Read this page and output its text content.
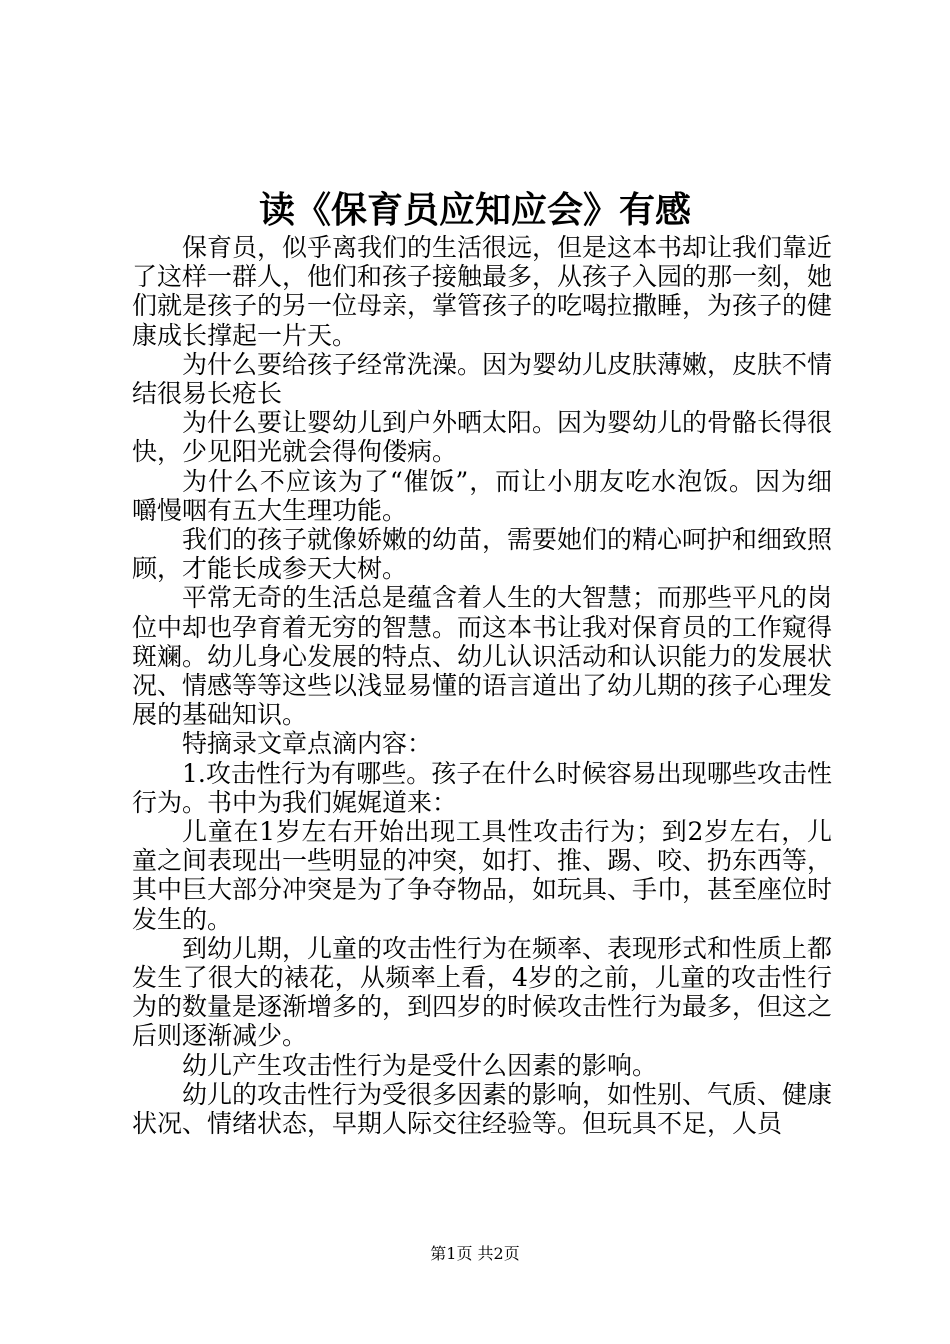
读《保育员应知应会》有感

保育员，似乎离我们的生活很远，但是这本书却让我们靠近了这样一群人，他们和孩子接触最多，从孩子入园的那一刻，她们就是孩子的另一位母亲，掌管孩子的吃喝拉撒睡，为孩子的健康成长撑起一片天。

为什么要给孩子经常洗澡。因为婴幼儿皮肤薄嫩，皮肤不情结很易长疮长

为什么要让婴幼儿到户外晒太阳。因为婴幼儿的骨骼长得很快，少见阳光就会得佝偻病。

为什么不应该为了“催饭”，而让小朋友吃水泡饭。因为细嚼慢咽有五大生理功能。

我们的孩子就像娇嫩的幼苗，需要她们的精心呵护和细致照顾，才能长成参天大树。

平常无奇的生活总是蕴含着人生的大智慧；而那些平凡的岗位中却也孕育着无穷的智慧。而这本书让我对保育员的工作窥得斑斓。幼儿身心发展的特点、幼儿认识活动和认识能力的发展状况、情感等等这些以浅显易懂的语言道出了幼儿期的孩子心理发展的基础知识。

特摘录文章点滴内容：

1.攻击性行为有哪些。孩子在什么时候容易出现哪些攻击性行为。书中为我们娓娓道来：

儿童在1岁左右开始出现工具性攻击行为；到2岁左右，儿童之间表现出一些明显的冲突，如打、推、踢、咬、扔东西等，其中巨大部分冲突是为了争夺物品，如玩具、手巾，甚至座位时发生的。

到幼儿期，儿童的攻击性行为在频率、表现形式和性质上都发生了很大的裱花，从频率上看，4岁的之前，儿童的攻击性行为的数量是逐渐增多的，到四岁的时候攻击性行为最多，但这之后则逐渐减少。

幼儿产生攻击性行为是受什么因素的影响。

幼儿的攻击性行为受很多因素的影响，如性别、气质、健康状况、情绪状态，早期人际交往经验等。但玩具不足，人员

第1页 共2页
